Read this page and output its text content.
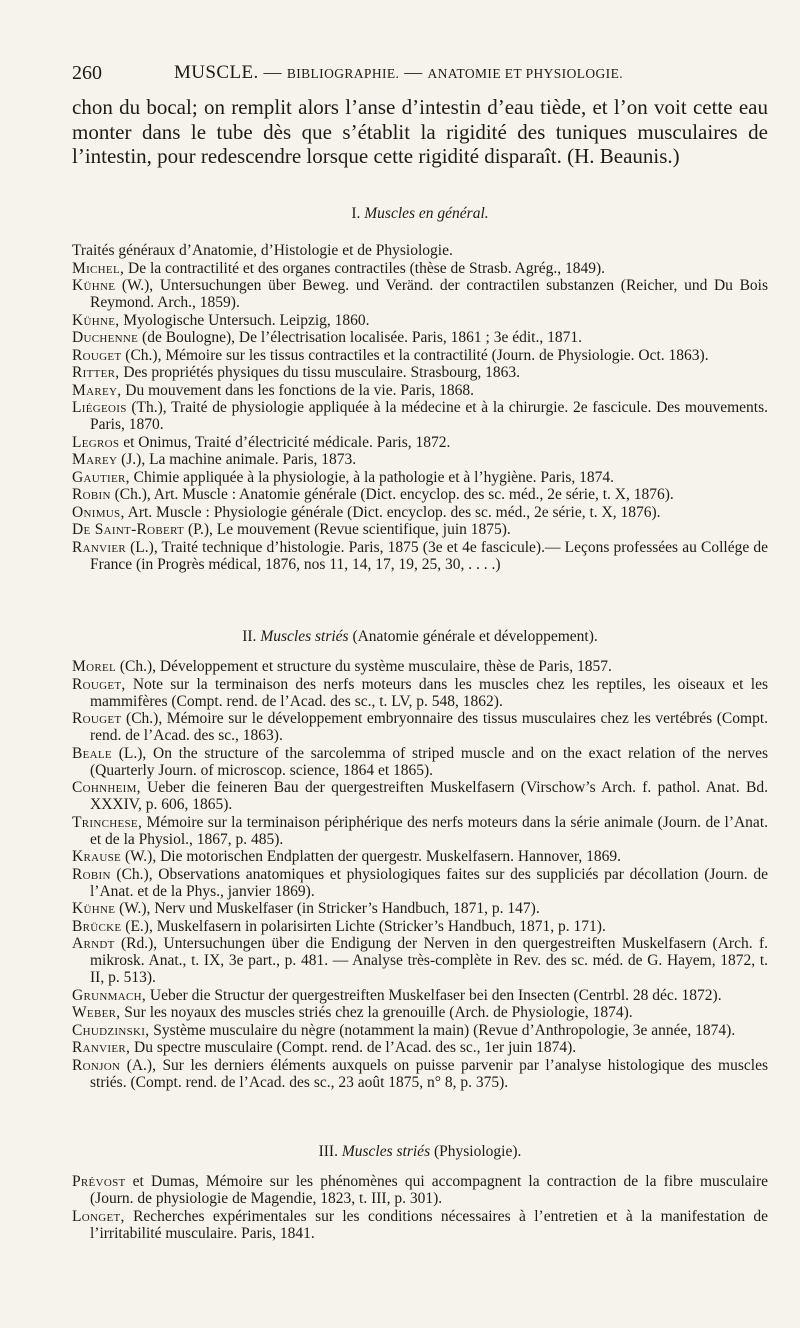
260	MUSCLE. — BIBLIOGRAPHIE. — ANATOMIE ET PHYSIOLOGIE.

chon du bocal; on remplit alors l’anse d’intestin d’eau tiède, et l’on voit cette eau monter dans le tube dès que s’établit la rigidité des tuniques musculaires de l’intestin, pour redescendre lorsque cette rigidité disparaît. (H. Beaunis.)

I. Muscles en général.

Traités généraux d’Anatomie, d’Histologie et de Physiologie.

Michel, De la contractilité et des organes contractiles (thèse de Strasb. Agrég., 1849).

Kühne (W.), Untersuchungen über Beweg. und Veränd. der contractilen substanzen (Reicher, und Du Bois Reymond. Arch., 1859).

Kühne, Myologische Untersuch. Leipzig, 1860.

Duchenne (de Boulogne), De l’électrisation localisée. Paris, 1861 ; 3e édit., 1871.

Rouget (Ch.), Mémoire sur les tissus contractiles et la contractilité (Journ. de Physiologie. Oct. 1863).

Ritter, Des propriétés physiques du tissu musculaire. Strasbourg, 1863.

Marey, Du mouvement dans les fonctions de la vie. Paris, 1868.

Liégeois (Th.), Traité de physiologie appliquée à la médecine et à la chirurgie. 2e fascicule. Des mouvements. Paris, 1870.

Legros et Onimus, Traité d’électricité médicale. Paris, 1872.

Marey (J.), La machine animale. Paris, 1873.

Gautier, Chimie appliquée à la physiologie, à la pathologie et à l’hygiène. Paris, 1874.

Robin (Ch.), Art. Muscle : Anatomie générale (Dict. encyclop. des sc. méd., 2e série, t. X, 1876).

Onimus, Art. Muscle : Physiologie générale (Dict. encyclop. des sc. méd., 2e série, t. X, 1876).

De Saint-Robert (P.), Le mouvement (Revue scientifique, juin 1875).

Ranvier (L.), Traité technique d’histologie. Paris, 1875 (3e et 4e fascicule).— Leçons professées au Collége de France (in Progrès médical, 1876, nos 11, 14, 17, 19, 25, 30, . . . .)

II. Muscles striés (Anatomie générale et développement).

Morel (Ch.), Développement et structure du système musculaire, thèse de Paris, 1857.

Rouget, Note sur la terminaison des nerfs moteurs dans les muscles chez les reptiles, les oiseaux et les mammifères (Compt. rend. de l’Acad. des sc., t. LV, p. 548, 1862).

Rouget (Ch.), Mémoire sur le développement embryonnaire des tissus musculaires chez les vertébrés (Compt. rend. de l’Acad. des sc., 1863).

Beale (L.), On the structure of the sarcolemma of striped muscle and on the exact relation of the nerves (Quarterly Journ. of microscop. science, 1864 et 1865).

Cohnheim, Ueber die feineren Bau der quergestreiften Muskelfasern (Virschow’s Arch. f. pathol. Anat. Bd. XXXIV, p. 606, 1865).

Trinchese, Mémoire sur la terminaison périphérique des nerfs moteurs dans la série animale (Journ. de l’Anat. et de la Physiol., 1867, p. 485).

Krause (W.), Die motorischen Endplatten der quergestr. Muskelfasern. Hannover, 1869.

Robin (Ch.), Observations anatomiques et physiologiques faites sur des suppliciés par décollation (Journ. de l’Anat. et de la Phys., janvier 1869).

Kühne (W.), Nerv und Muskelfaser (in Stricker’s Handbuch, 1871, p. 147).

Brücke (E.), Muskelfasern in polarisirten Lichte (Stricker’s Handbuch, 1871, p. 171).

Arndt (Rd.), Untersuchungen über die Endigung der Nerven in den quergestreiften Muskelfasern (Arch. f. mikrosk. Anat., t. IX, 3e part., p. 481. — Analyse très-complète in Rev. des sc. méd. de G. Hayem, 1872, t. II, p. 513).

Grunmach, Ueber die Structur der quergestreiften Muskelfaser bei den Insecten (Centrbl. 28 déc. 1872).

Weber, Sur les noyaux des muscles striés chez la grenouille (Arch. de Physiologie, 1874).

Chudzinski, Système musculaire du nègre (notamment la main) (Revue d’Anthropologie, 3e année, 1874).

Ranvier, Du spectre musculaire (Compt. rend. de l’Acad. des sc., 1er juin 1874).

Ronjon (A.), Sur les derniers éléments auxquels on puisse parvenir par l’analyse histologique des muscles striés. (Compt. rend. de l’Acad. des sc., 23 août 1875, n° 8, p. 375).

III. Muscles striés (Physiologie).

Prévost et Dumas, Mémoire sur les phénomènes qui accompagnent la contraction de la fibre musculaire (Journ. de physiologie de Magendie, 1823, t. III, p. 301).

Longet, Recherches expérimentales sur les conditions nécessaires à l’entretien et à la manifestation de l’irritabilité musculaire. Paris, 1841.
